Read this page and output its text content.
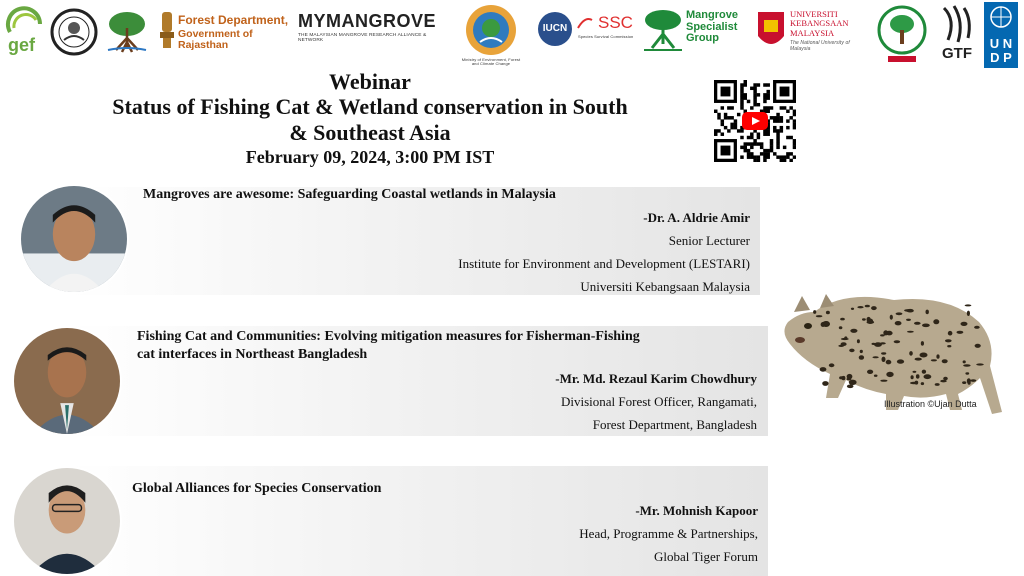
gef
Forest Department,
Government of Rajasthan
MYMANGROVE
THE MALAYSIAN MANGROVE RESEARCH ALLIANCE & NETWORK
Ministry of Environment, Forest and Climate Change
IUCN SSC
Species Survival Commission
Mangrove
Specialist
Group
UNIVERSITI
KEBANGSAAN
MALAYSIA
The National University of Malaysia	GTF
U N
D P
Webinar
Status of Fishing Cat & Wetland conservation in South
& Southeast Asia
February 09, 2024, 3:00 PM IST
Mangroves are awesome: Safeguarding Coastal wetlands in Malaysia
-Dr. A. Aldrie Amir
Senior Lecturer
Institute for Environment and Development (LESTARI)
Universiti Kebangsaan Malaysia
Fishing Cat and Communities: Evolving mitigation measures for Fisherman-Fishing
cat interfaces in Northeast Bangladesh
-Mr. Md. Rezaul Karim Chowdhury
Divisional Forest Officer, Rangamati,
Forest Department, Bangladesh
Global Alliances for Species Conservation
-Mr. Mohnish Kapoor
Head, Programme & Partnerships,
Global Tiger Forum
Illustration ©Ujan Dutta
